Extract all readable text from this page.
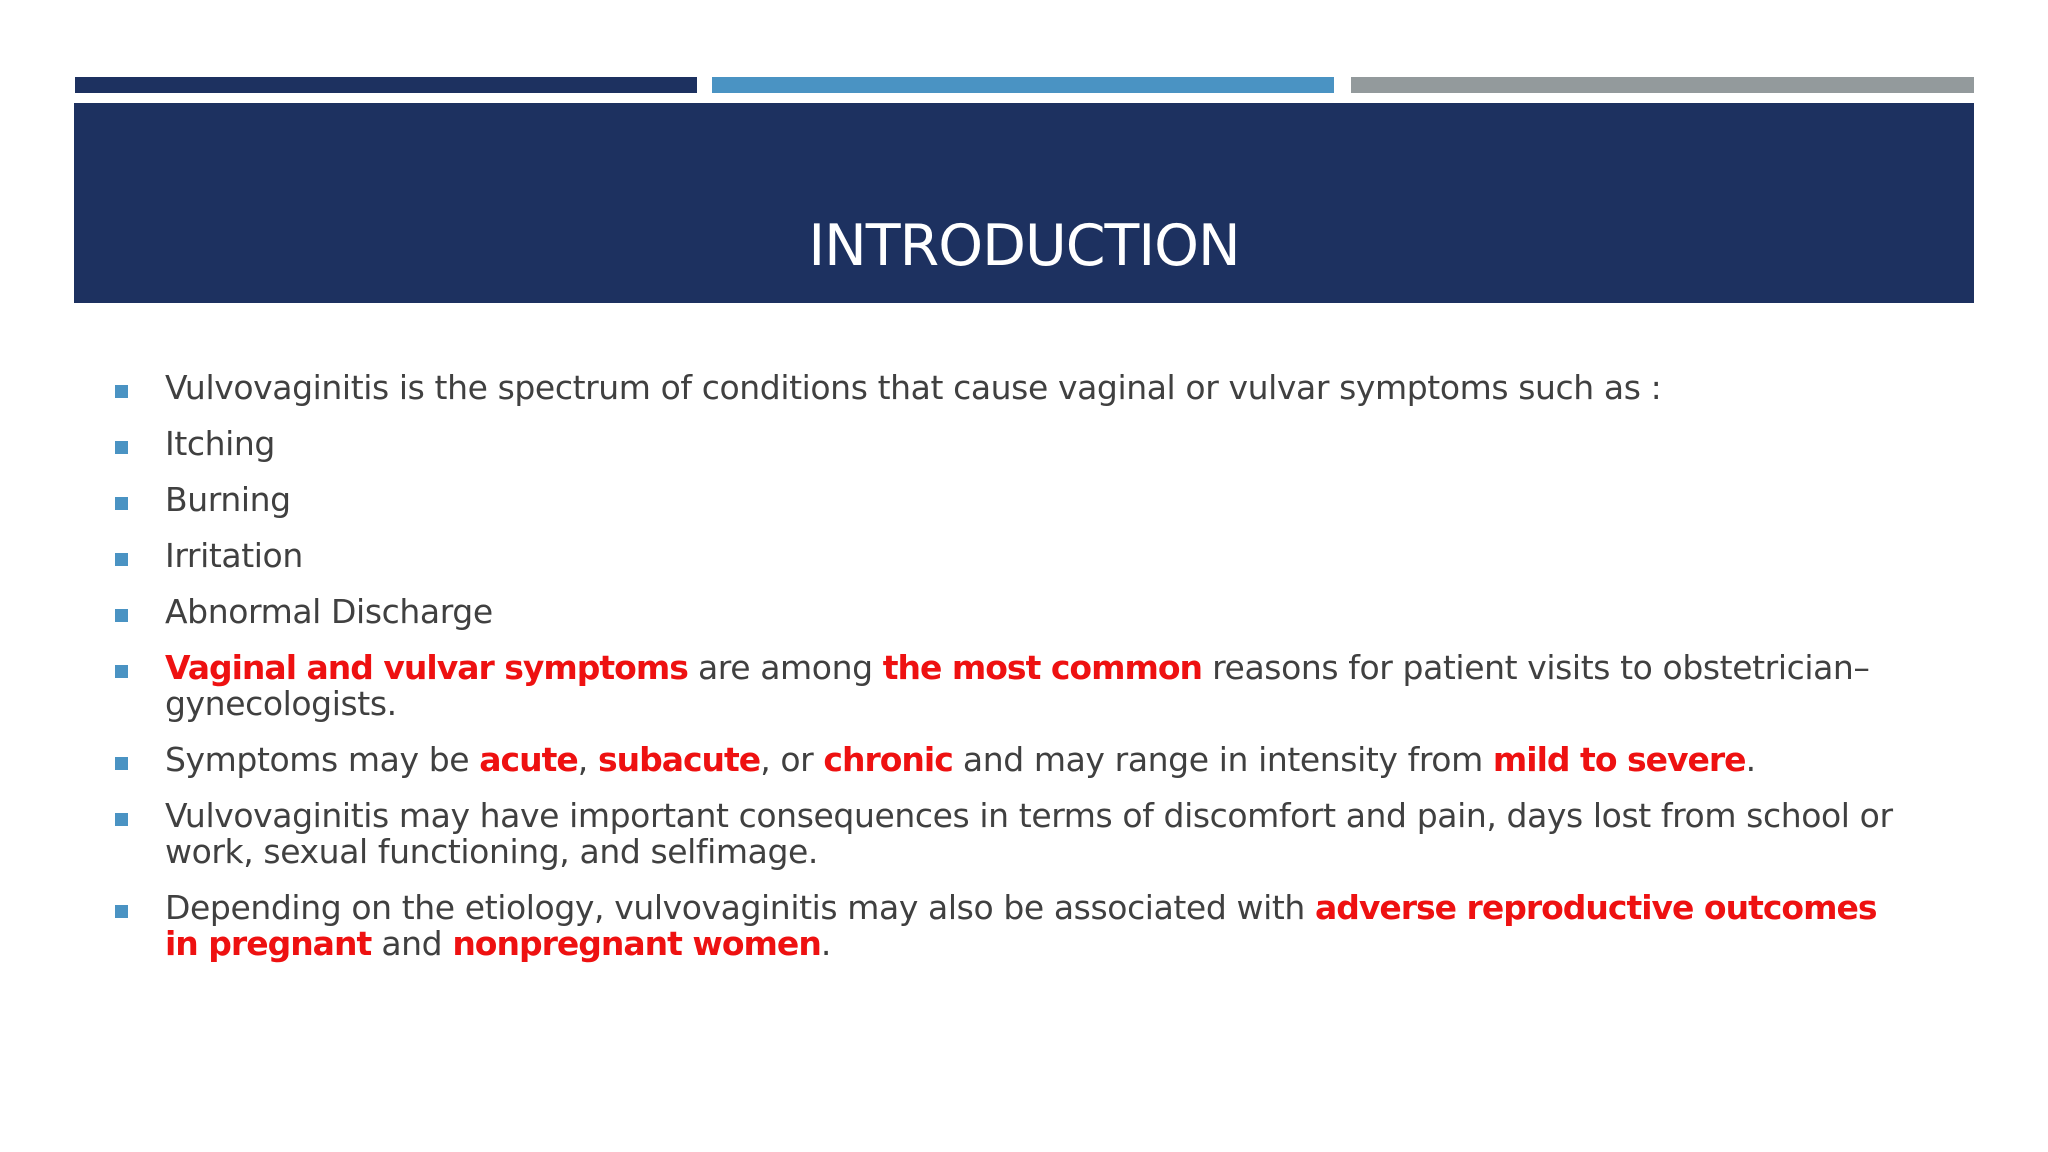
INTRODUCTION
Vulvovaginitis is the spectrum of conditions that cause vaginal or vulvar symptoms such as :
Itching
Burning
Irritation
Abnormal Discharge
Vaginal and vulvar symptoms are among the most common reasons for patient visits to obstetrician–gynecologists.
Symptoms may be acute, subacute, or chronic and may range in intensity from mild to severe.
Vulvovaginitis may have important consequences in terms of discomfort and pain, days lost from school or work, sexual functioning, and selfimage.
Depending on the etiology, vulvovaginitis may also be associated with adverse reproductive outcomes in pregnant and nonpregnant women.
